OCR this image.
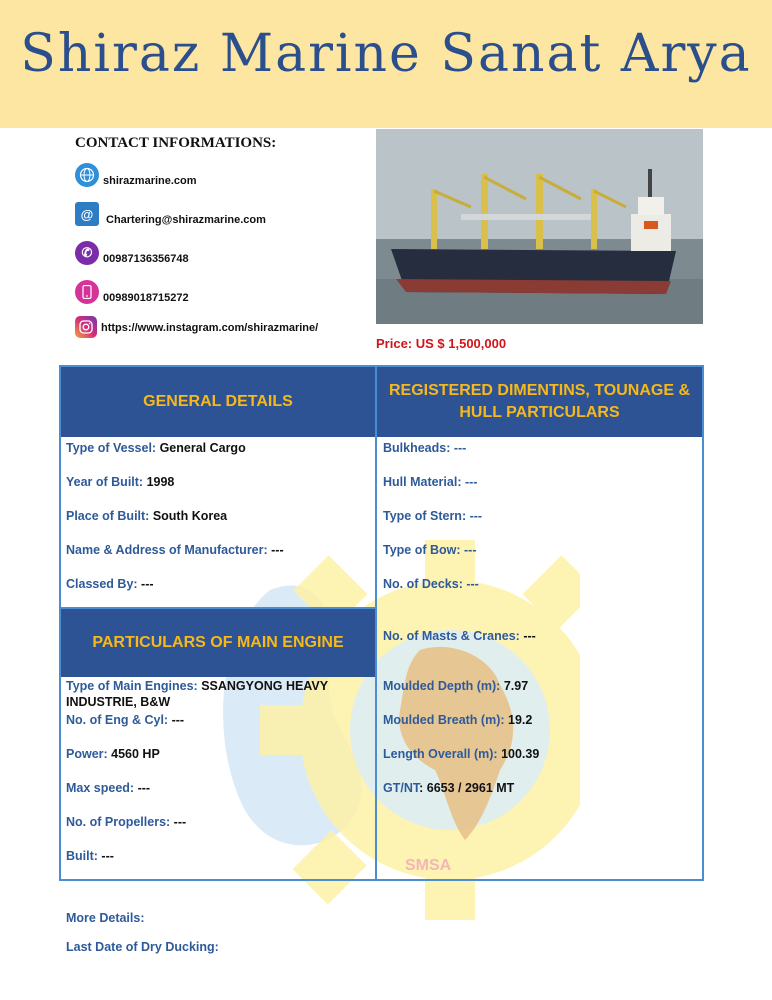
Shiraz Marine Sanat Arya
SMSA
CONTACT INFORMATIONS:
shirazmarine.com
@	Chartering@shirazmarine.com
✆ 00987136356748
00989018715272
https://www.instagram.com/shirazmarine/
Price: US $ 1,500,000
GENERAL DETAILS
REGISTERED DIMENTINS, TOUNAGE &
HULL PARTICULARS
PARTICULARS OF MAIN ENGINE
Type of Vessel: General Cargo
Year of Built: 1998
Place of Built: South Korea
Name & Address of Manufacturer: ---
Classed By: ---
Type of Main Engines: SSANGYONG HEAVY INDUSTRIE, B&W
No. of Eng & Cyl: ---
Power: 4560 HP
Max speed: ---
No. of Propellers: ---
Built: ---
Bulkheads: ---
Hull Material: ---
Type of Stern: ---
Type of Bow: ---
No. of Decks: ---
No. of Masts & Cranes: ---
Moulded Depth (m): 7.97
Moulded Breath (m): 19.2
Length Overall (m): 100.39
GT/NT: 6653 / 2961 MT
More Details:
Last Date of Dry Ducking:
